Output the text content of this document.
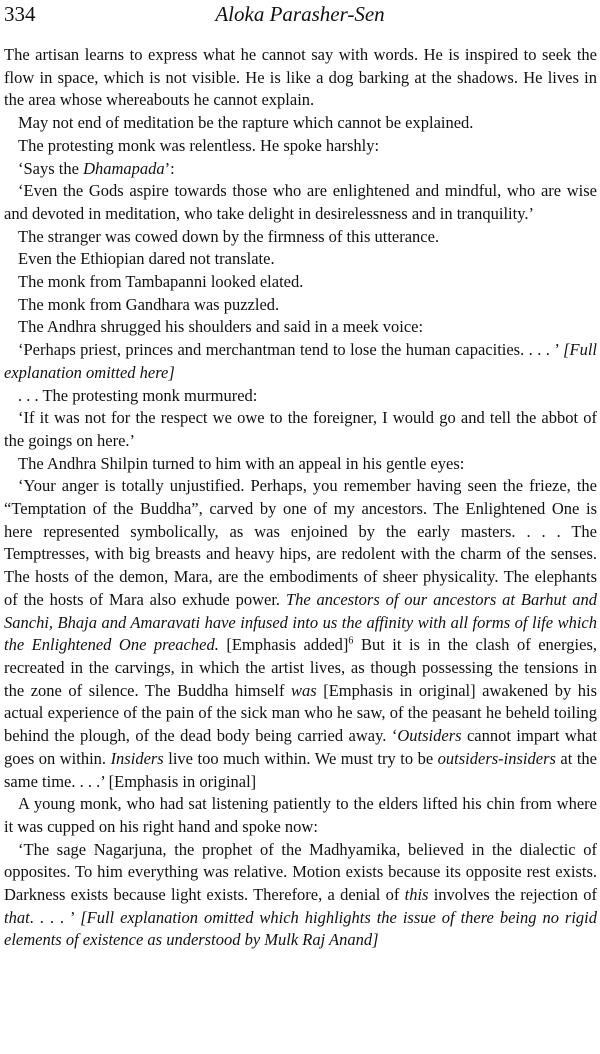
334	Aloka Parasher-Sen

The artisan learns to express what he cannot say with words. He is inspired to seek the flow in space, which is not visible. He is like a dog barking at the shadows. He lives in the area whose whereabouts he cannot explain.

May not end of meditation be the rapture which cannot be explained.

The protesting monk was relentless. He spoke harshly:

‘Says the Dhamapada’:

‘Even the Gods aspire towards those who are enlightened and mindful, who are wise and devoted in meditation, who take delight in desirelessness and in tranquility.’

The stranger was cowed down by the firmness of this utterance.

Even the Ethiopian dared not translate.

The monk from Tambapanni looked elated.

The monk from Gandhara was puzzled.

The Andhra shrugged his shoulders and said in a meek voice:

‘Perhaps priest, princes and merchantman tend to lose the human capacities. . . . ’ [Full explanation omitted here]

. . . The protesting monk murmured:

‘If it was not for the respect we owe to the foreigner, I would go and tell the abbot of the goings on here.’

The Andhra Shilpin turned to him with an appeal in his gentle eyes:

‘Your anger is totally unjustified. Perhaps, you remember having seen the frieze, the “Temptation of the Buddha”, carved by one of my ancestors. The Enlightened One is here represented symbolically, as was enjoined by the early masters. . . . The Temptresses, with big breasts and heavy hips, are redolent with the charm of the senses. The hosts of the demon, Mara, are the embodiments of sheer physicality. The elephants of the hosts of Mara also exhude power. The ancestors of our ancestors at Barhut and Sanchi, Bhaja and Amaravati have infused into us the affinity with all forms of life which the Enlightened One preached. [Emphasis added]$^6$ But it is in the clash of energies, recreated in the carvings, in which the artist lives, as though possessing the tensions in the zone of silence. The Buddha himself was [Emphasis in original] awakened by his actual experience of the pain of the sick man who he saw, of the peasant he beheld toiling behind the plough, of the dead body being carried away. ‘Outsiders cannot impart what goes on within. Insiders live too much within. We must try to be outsiders-insiders at the same time. . . .’ [Emphasis in original]

A young monk, who had sat listening patiently to the elders lifted his chin from where it was cupped on his right hand and spoke now:

‘The sage Nagarjuna, the prophet of the Madhyamika, believed in the dialectic of opposites. To him everything was relative. Motion exists because its opposite rest exists. Darkness exists because light exists. Therefore, a denial of this involves the rejection of that. . . . ’ [Full explanation omitted which highlights the issue of there being no rigid elements of existence as understood by Mulk Raj Anand]
